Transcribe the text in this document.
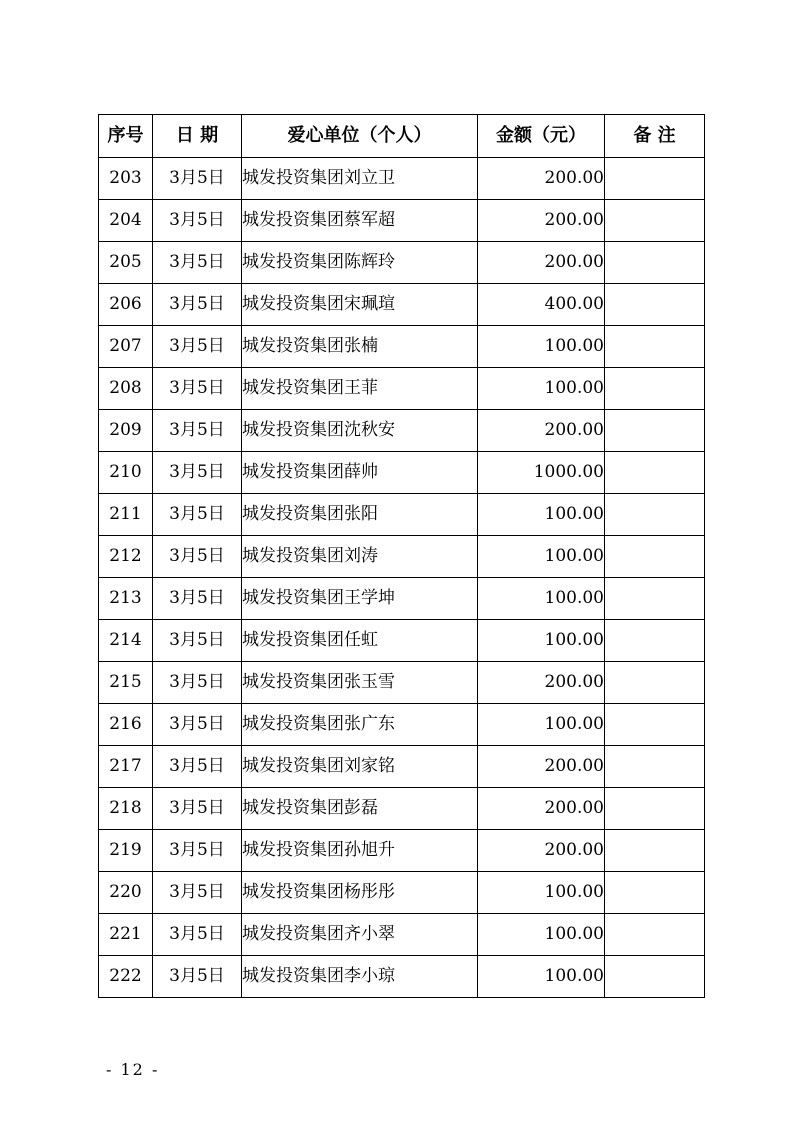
序号	日 期	爱心单位（个人）	金额（元）	备 注
203	3月5日	城发投资集团刘立卫	200.00	
204	3月5日	城发投资集团蔡军超	200.00	
205	3月5日	城发投资集团陈辉玲	200.00	
206	3月5日	城发投资集团宋珮瑄	400.00	
207	3月5日	城发投资集团张楠	100.00	
208	3月5日	城发投资集团王菲	100.00	
209	3月5日	城发投资集团沈秋安	200.00	
210	3月5日	城发投资集团薛帅	1000.00	
211	3月5日	城发投资集团张阳	100.00	
212	3月5日	城发投资集团刘涛	100.00	
213	3月5日	城发投资集团王学坤	100.00	
214	3月5日	城发投资集团任虹	100.00	
215	3月5日	城发投资集团张玉雪	200.00	
216	3月5日	城发投资集团张广东	100.00	
217	3月5日	城发投资集团刘家铭	200.00	
218	3月5日	城发投资集团彭磊	200.00	
219	3月5日	城发投资集团孙旭升	200.00	
220	3月5日	城发投资集团杨彤彤	100.00	
221	3月5日	城发投资集团齐小翠	100.00	
222	3月5日	城发投资集团李小琼	100.00	
- 12 -
